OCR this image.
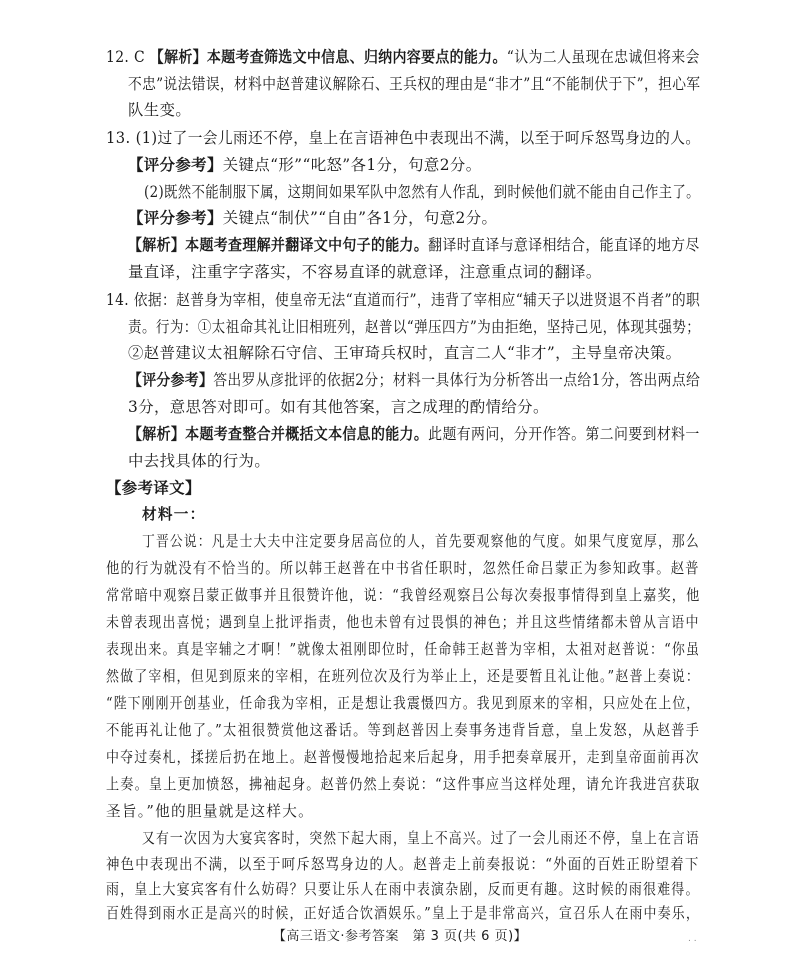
12. C 【解析】本题考查筛选文中信息、归纳内容要点的能力。“认为二人虽现在忠诚但将来会
不忠”说法错误，材料中赵普建议解除石、王兵权的理由是“非才”且“不能制伏于下”，担心军
队生变。
13. (1)过了一会儿雨还不停，皇上在言语神色中表现出不满，以至于呵斥怒骂身边的人。
【评分参考】关键点“形”“叱怒”各1分，句意2分。
(2)既然不能制服下属，这期间如果军队中忽然有人作乱，到时候他们就不能由自己作主了。
【评分参考】关键点“制伏”“自由”各1分，句意2分。
【解析】本题考查理解并翻译文中句子的能力。翻译时直译与意译相结合，能直译的地方尽
量直译，注重字字落实，不容易直译的就意译，注意重点词的翻译。
14. 依据：赵普身为宰相，使皇帝无法“直道而行”，违背了宰相应“辅天子以进贤退不肖者”的职
责。行为：①太祖命其礼让旧相班列，赵普以“弹压四方”为由拒绝，坚持己见，体现其强势；
②赵普建议太祖解除石守信、王审琦兵权时，直言二人“非才”，主导皇帝决策。
【评分参考】答出罗从彦批评的依据2分；材料一具体行为分析答出一点给1分，答出两点给
3分，意思答对即可。如有其他答案，言之成理的酌情给分。
【解析】本题考查整合并概括文本信息的能力。此题有两问，分开作答。第二问要到材料一
中去找具体的行为。
【参考译文】
材料一：
丁晋公说：凡是士大夫中注定要身居高位的人，首先要观察他的气度。如果气度宽厚，那么
他的行为就没有不恰当的。所以韩王赵普在中书省任职时，忽然任命吕蒙正为参知政事。赵普
常常暗中观察吕蒙正做事并且很赞许他，说：“我曾经观察吕公每次奏报事情得到皇上嘉奖，他
未曾表现出喜悦；遇到皇上批评指责，他也未曾有过畏惧的神色；并且这些情绪都未曾从言语中
表现出来。真是宰辅之才啊！”就像太祖刚即位时，任命韩王赵普为宰相，太祖对赵普说：“你虽
然做了宰相，但见到原来的宰相，在班列位次及行为举止上，还是要暂且礼让他。”赵普上奏说：
“陛下刚刚开创基业，任命我为宰相，正是想让我震慑四方。我见到原来的宰相，只应处在上位，
不能再礼让他了。”太祖很赞赏他这番话。等到赵普因上奏事务违背旨意，皇上发怒，从赵普手
中夺过奏札，揉搓后扔在地上。赵普慢慢地拾起来后起身，用手把奏章展开，走到皇帝面前再次
上奏。皇上更加愤怒，拂袖起身。赵普仍然上奏说：“这件事应当这样处理，请允许我进宫获取
圣旨。”他的胆量就是这样大。
又有一次因为大宴宾客时，突然下起大雨，皇上不高兴。过了一会儿雨还不停，皇上在言语
神色中表现出不满，以至于呵斥怒骂身边的人。赵普走上前奏报说：“外面的百姓正盼望着下
雨，皇上大宴宾客有什么妨碍？只要让乐人在雨中表演杂剧，反而更有趣。这时候的雨很难得。
百姓得到雨水正是高兴的时候，正好适合饮酒娱乐。”皇上于是非常高兴，宣召乐人在雨中奏乐，
【高三语文·参考答案　第 3 页(共 6 页)】	. .
